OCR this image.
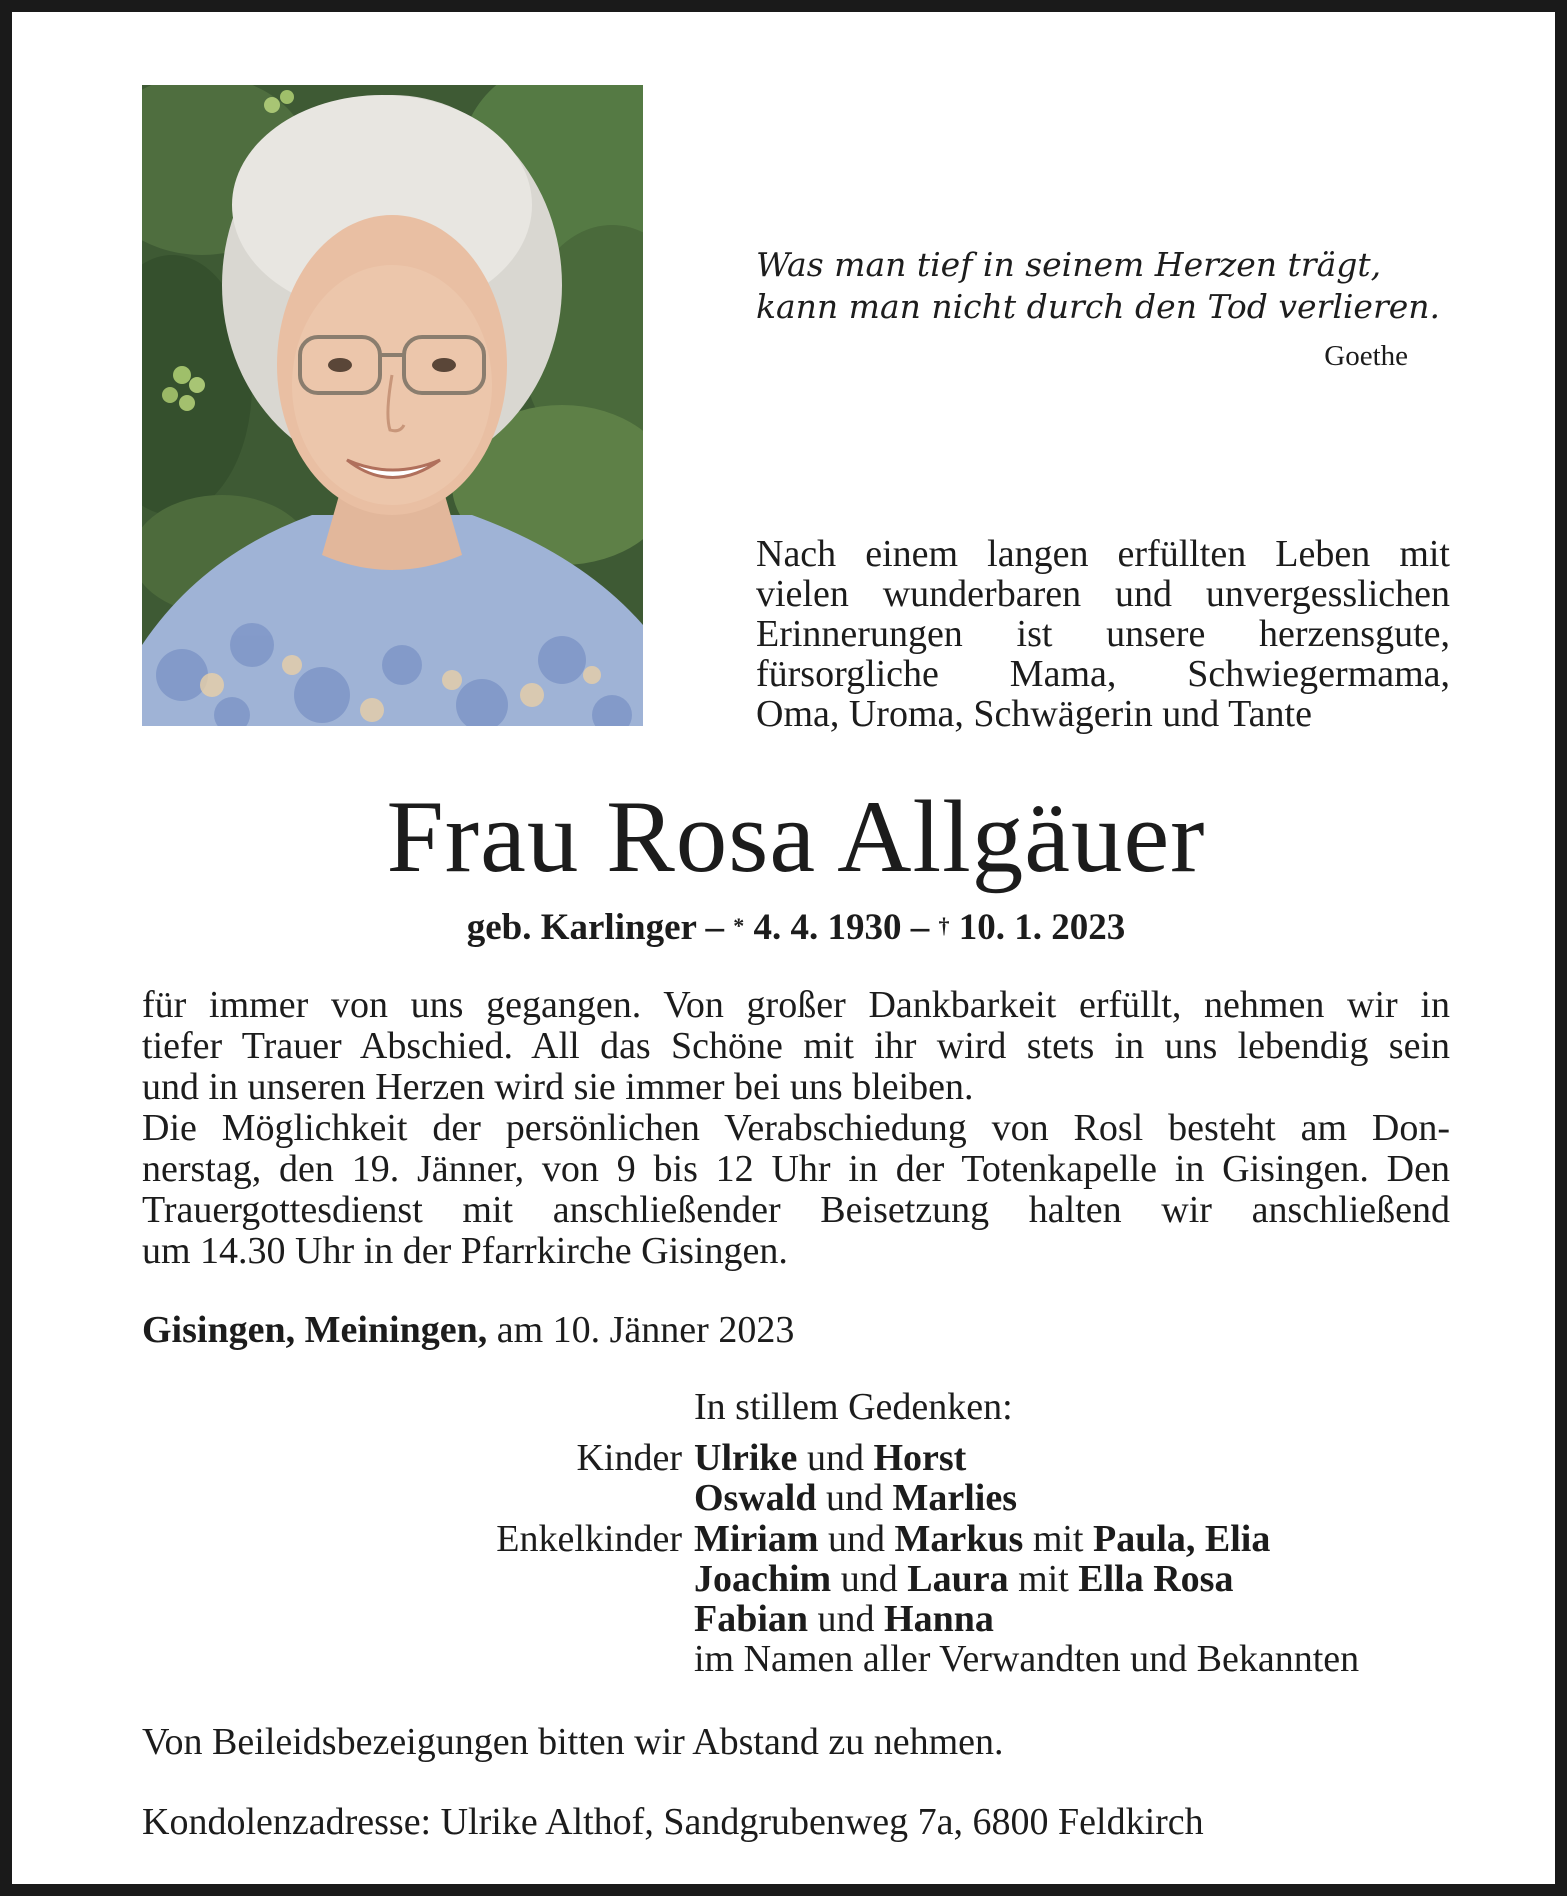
Was man tief in seinem Herzen trägt,
kann man nicht durch den Tod verlieren.
Goethe
Nach einem langen erfüllten Leben mit
vielen wunderbaren und unvergesslichen
Erinnerungen ist unsere herzensgute,
fürsorgliche Mama, Schwiegermama,
Oma, Uroma, Schwägerin und Tante
Frau Rosa Allgäuer
geb. Karlinger – * 4. 4. 1930 – † 10. 1. 2023
für immer von uns gegangen. Von großer Dankbarkeit erfüllt, nehmen wir in
tiefer Trauer Abschied. All das Schöne mit ihr wird stets in uns lebendig sein
und in unseren Herzen wird sie immer bei uns bleiben.
Die Möglichkeit der persönlichen Verabschiedung von Rosl besteht am Don-
nerstag, den 19. Jänner, von 9 bis 12 Uhr in der Totenkapelle in Gisingen. Den
Trauergottesdienst mit anschließender Beisetzung halten wir anschließend
um 14.30 Uhr in der Pfarrkirche Gisingen.
Gisingen, Meiningen, am 10. Jänner 2023
In stillem Gedenken:
Kinder Ulrike und Horst
Oswald und Marlies
Enkelkinder Miriam und Markus mit Paula, Elia
Joachim und Laura mit Ella Rosa
Fabian und Hanna
im Namen aller Verwandten und Bekannten
Von Beileidsbezeigungen bitten wir Abstand zu nehmen.
Kondolenzadresse: Ulrike Althof, Sandgrubenweg 7a, 6800 Feldkirch
